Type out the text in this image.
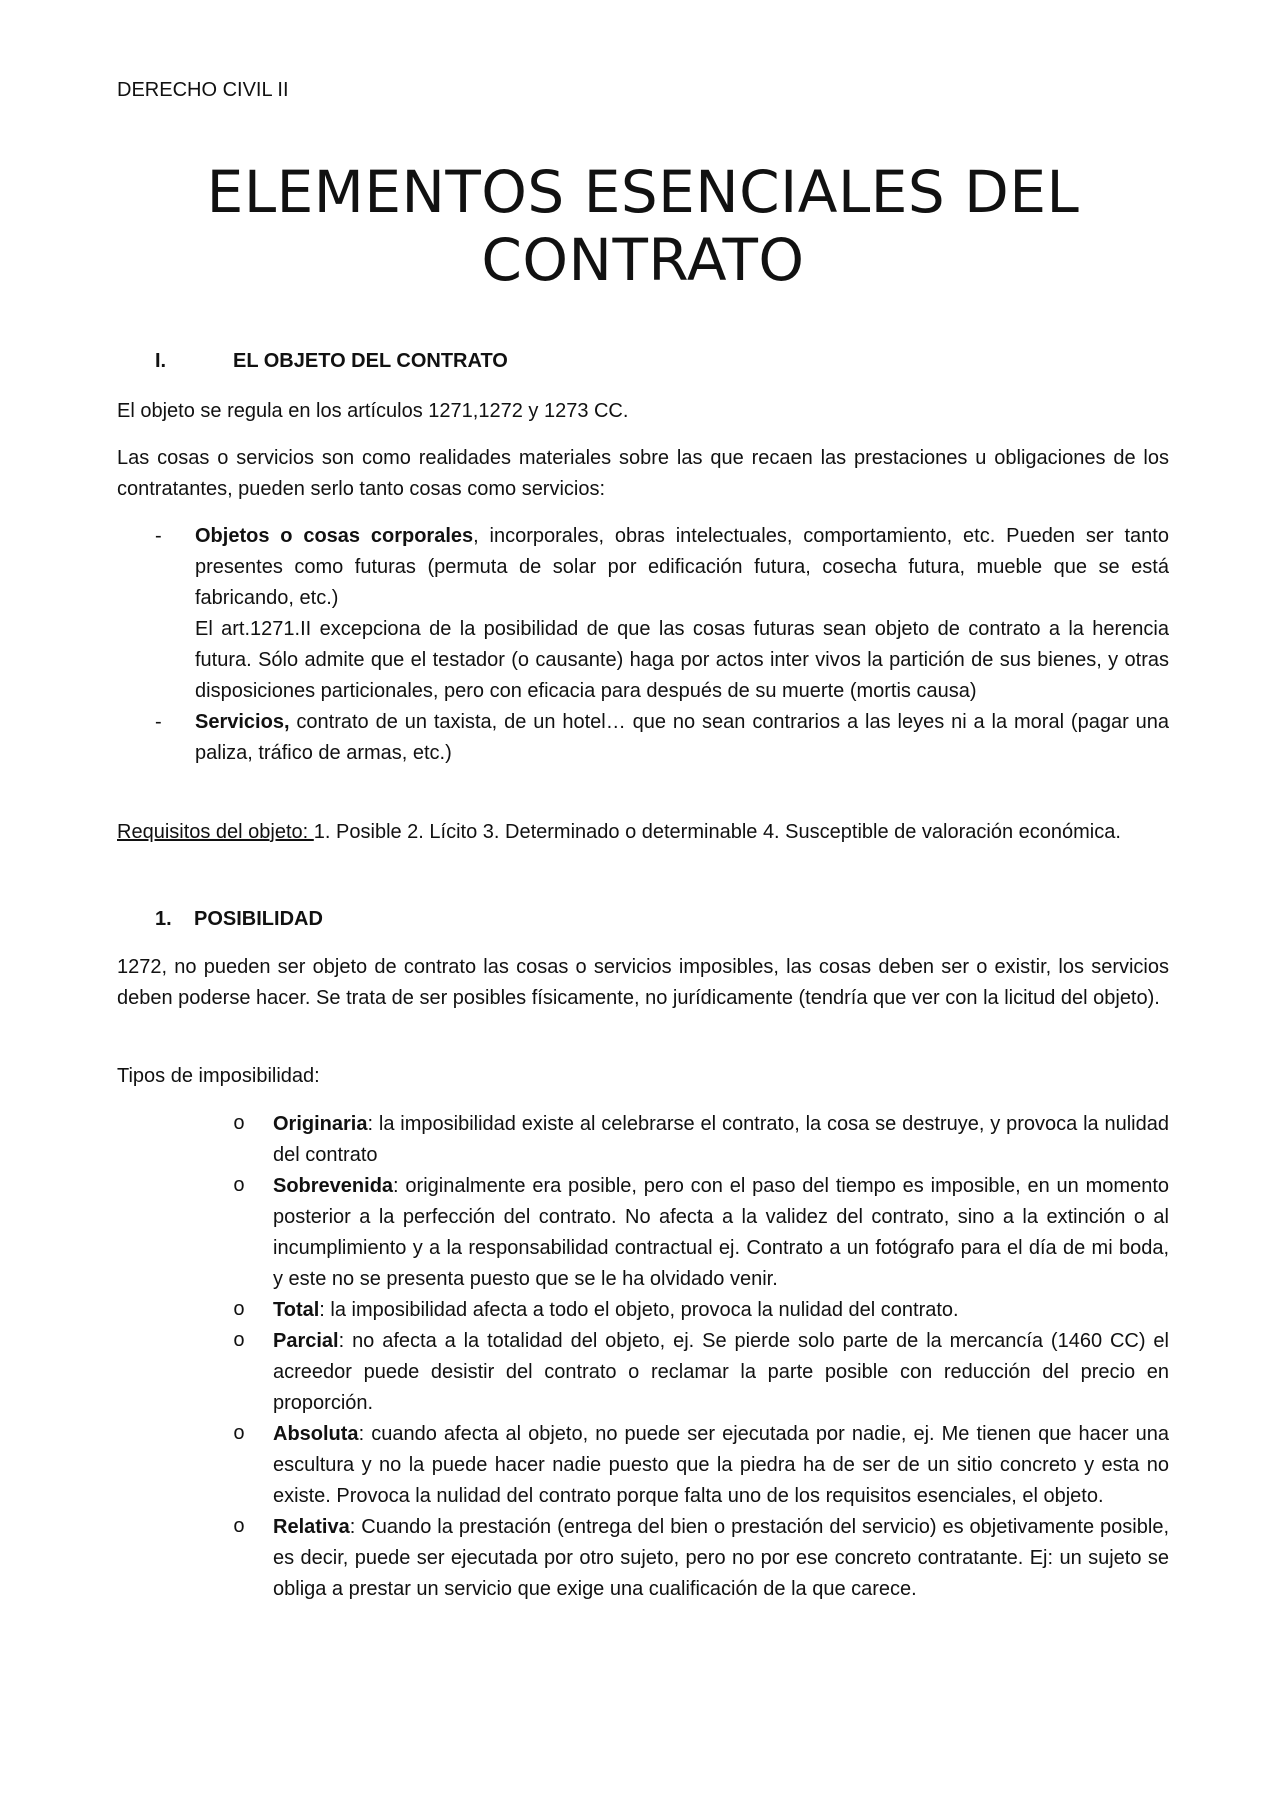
DERECHO CIVIL II
ELEMENTOS ESENCIALES DEL
CONTRATO
I.	EL OBJETO DEL CONTRATO
El objeto se regula en los artículos 1271,1272 y 1273 CC.
Las cosas o servicios son como realidades materiales sobre las que recaen las prestaciones u obligaciones de los contratantes, pueden serlo tanto cosas como servicios:
- Objetos o cosas corporales, incorporales, obras intelectuales, comportamiento, etc. Pueden ser tanto presentes como futuras (permuta de solar por edificación futura, cosecha futura, mueble que se está fabricando, etc.)
El art.1271.II excepciona de la posibilidad de que las cosas futuras sean objeto de contrato a la herencia futura. Sólo admite que el testador (o causante) haga por actos inter vivos la partición de sus bienes, y otras disposiciones particionales, pero con eficacia para después de su muerte (mortis causa)
- Servicios, contrato de un taxista, de un hotel… que no sean contrarios a las leyes ni a la moral (pagar una paliza, tráfico de armas, etc.)
Requisitos del objeto: 1. Posible 2. Lícito 3. Determinado o determinable 4. Susceptible de valoración económica.
1. POSIBILIDAD
1272, no pueden ser objeto de contrato las cosas o servicios imposibles, las cosas deben ser o existir, los servicios deben poderse hacer. Se trata de ser posibles físicamente, no jurídicamente (tendría que ver con la licitud del objeto).
Tipos de imposibilidad:
o Originaria: la imposibilidad existe al celebrarse el contrato, la cosa se destruye, y provoca la nulidad del contrato
o Sobrevenida: originalmente era posible, pero con el paso del tiempo es imposible, en un momento posterior a la perfección del contrato. No afecta a la validez del contrato, sino a la extinción o al incumplimiento y a la responsabilidad contractual ej. Contrato a un fotógrafo para el día de mi boda, y este no se presenta puesto que se le ha olvidado venir.
o Total: la imposibilidad afecta a todo el objeto, provoca la nulidad del contrato.
o Parcial: no afecta a la totalidad del objeto, ej. Se pierde solo parte de la mercancía (1460 CC) el acreedor puede desistir del contrato o reclamar la parte posible con reducción del precio en proporción.
o Absoluta: cuando afecta al objeto, no puede ser ejecutada por nadie, ej. Me tienen que hacer una escultura y no la puede hacer nadie puesto que la piedra ha de ser de un sitio concreto y esta no existe. Provoca la nulidad del contrato porque falta uno de los requisitos esenciales, el objeto.
o Relativa: Cuando la prestación (entrega del bien o prestación del servicio) es objetivamente posible, es decir, puede ser ejecutada por otro sujeto, pero no por ese concreto contratante. Ej: un sujeto se obliga a prestar un servicio que exige una cualificación de la que carece.
